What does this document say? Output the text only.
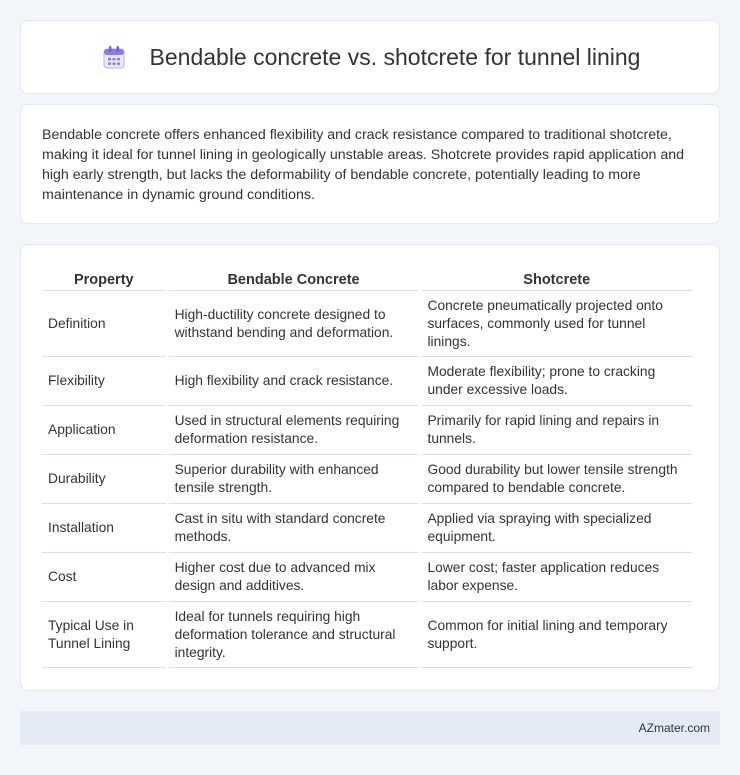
Bendable concrete vs. shotcrete for tunnel lining

Bendable concrete offers enhanced flexibility and crack resistance compared to traditional shotcrete, making it ideal for tunnel lining in geologically unstable areas. Shotcrete provides rapid application and high early strength, but lacks the deformability of bendable concrete, potentially leading to more maintenance in dynamic ground conditions.

Property	Bendable Concrete	Shotcrete
Definition	High-ductility concrete designed to withstand bending and deformation.	Concrete pneumatically projected onto surfaces, commonly used for tunnel linings.
Flexibility	High flexibility and crack resistance.	Moderate flexibility; prone to cracking under excessive loads.
Application	Used in structural elements requiring deformation resistance.	Primarily for rapid lining and repairs in tunnels.
Durability	Superior durability with enhanced tensile strength.	Good durability but lower tensile strength compared to bendable concrete.
Installation	Cast in situ with standard concrete methods.	Applied via spraying with specialized equipment.
Cost	Higher cost due to advanced mix design and additives.	Lower cost; faster application reduces labor expense.
Typical Use in Tunnel Lining	Ideal for tunnels requiring high deformation tolerance and structural integrity.	Common for initial lining and temporary support.
AZmater.com
